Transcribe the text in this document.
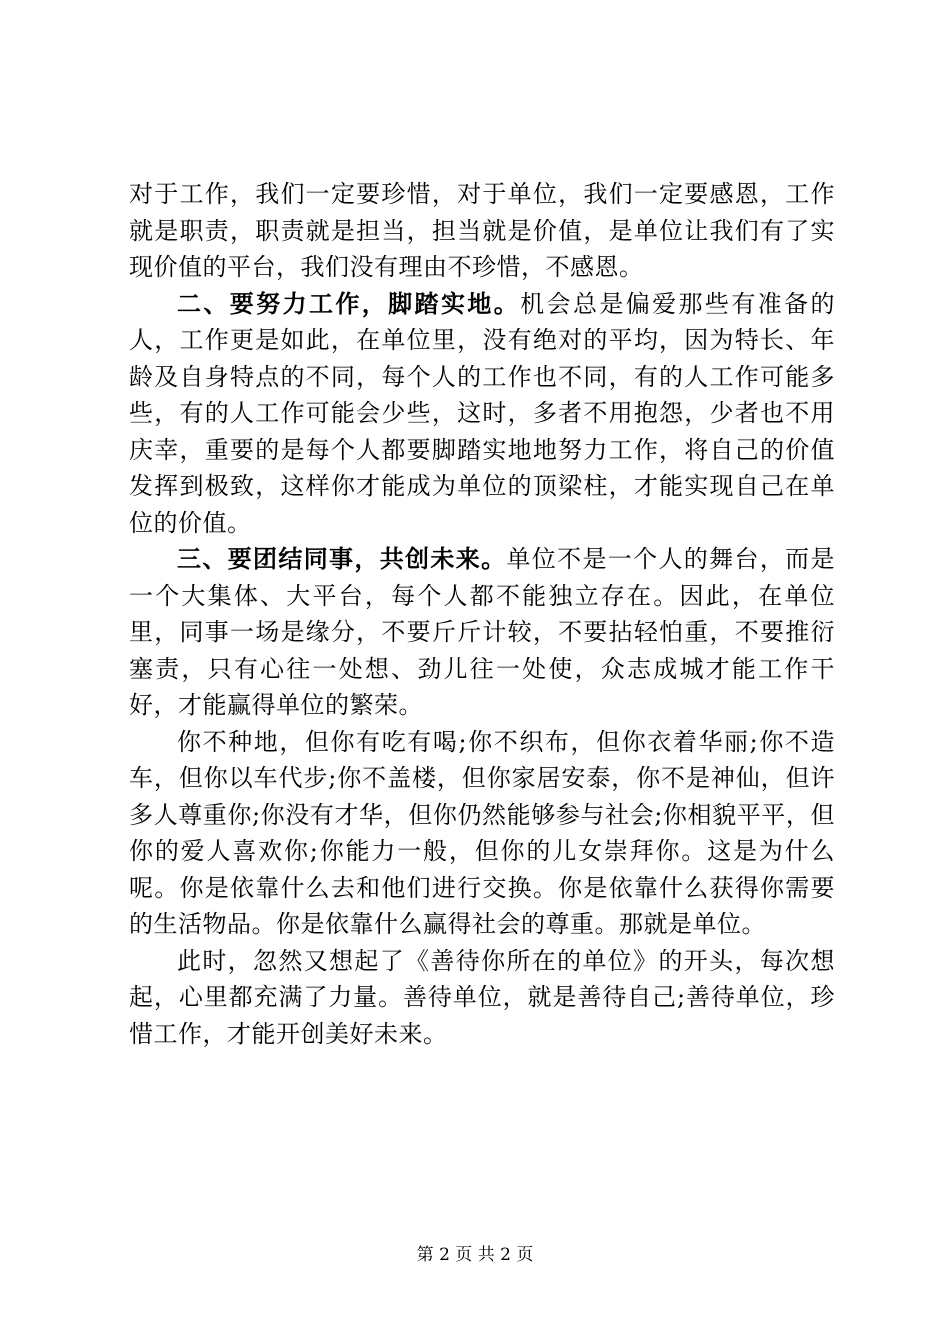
对于工作，我们一定要珍惜，对于单位，我们一定要感恩，工作就是职责，职责就是担当，担当就是价值，是单位让我们有了实现价值的平台，我们没有理由不珍惜，不感恩。

二、要努力工作，脚踏实地。机会总是偏爱那些有准备的人，工作更是如此，在单位里，没有绝对的平均，因为特长、年龄及自身特点的不同，每个人的工作也不同，有的人工作可能多些，有的人工作可能会少些，这时，多者不用抱怨，少者也不用庆幸，重要的是每个人都要脚踏实地地努力工作，将自己的价值发挥到极致，这样你才能成为单位的顶梁柱，才能实现自己在单位的价值。

三、要团结同事，共创未来。单位不是一个人的舞台，而是一个大集体、大平台，每个人都不能独立存在。因此，在单位里，同事一场是缘分，不要斤斤计较，不要拈轻怕重，不要推衍塞责，只有心往一处想、劲儿往一处使，众志成城才能工作干好，才能赢得单位的繁荣。

你不种地，但你有吃有喝;你不织布，但你衣着华丽;你不造车，但你以车代步;你不盖楼，但你家居安泰，你不是神仙，但许多人尊重你;你没有才华，但你仍然能够参与社会;你相貌平平，但你的爱人喜欢你;你能力一般，但你的儿女崇拜你。这是为什么呢。你是依靠什么去和他们进行交换。你是依靠什么获得你需要的生活物品。你是依靠什么赢得社会的尊重。那就是单位。

此时，忽然又想起了《善待你所在的单位》的开头，每次想起，心里都充满了力量。善待单位，就是善待自己;善待单位，珍惜工作，才能开创美好未来。

第 2 页 共 2 页
